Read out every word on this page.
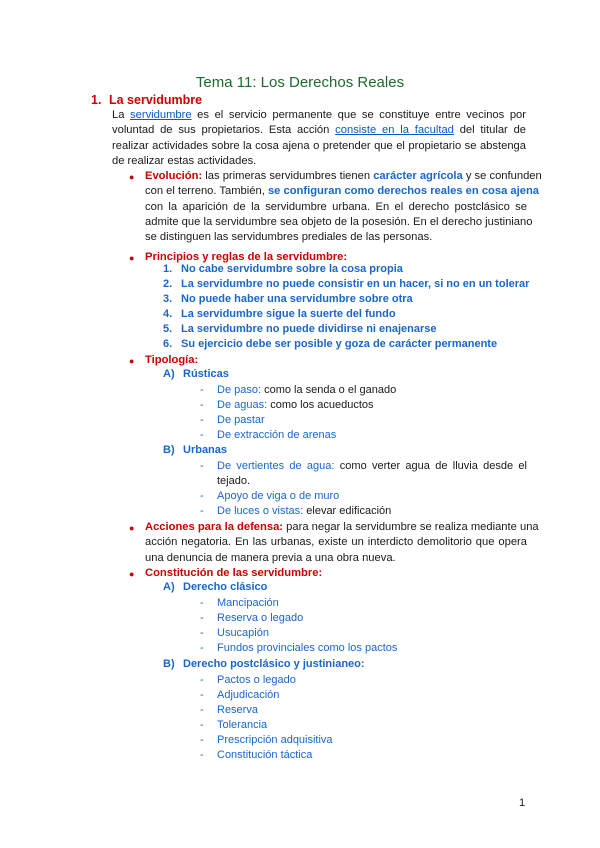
Tema 11: Los Derechos Reales
1. La servidumbre
La servidumbre es el servicio permanente que se constituye entre vecinos por
voluntad de sus propietarios. Esta acción consiste en la facultad del titular de
realizar actividades sobre la cosa ajena o pretender que el propietario se abstenga
de realizar estas actividades.
● Evolución: las primeras servidumbres tienen carácter agrícola y se confunden
con el terreno. También, se configuran como derechos reales en cosa ajena
con la aparición de la servidumbre urbana. En el derecho postclásico se
admite que la servidumbre sea objeto de la posesión. En el derecho justiniano
se distinguen las servidumbres prediales de las personas.
● Principios y reglas de la servidumbre:
1. No cabe servidumbre sobre la cosa propia
2. La servidumbre no puede consistir en un hacer, si no en un tolerar
3. No puede haber una servidumbre sobre otra
4. La servidumbre sigue la suerte del fundo
5. La servidumbre no puede dividirse ni enajenarse
6. Su ejercicio debe ser posible y goza de carácter permanente
● Tipología:
A) Rústicas
- De paso: como la senda o el ganado
- De aguas: como los acueductos
- De pastar
- De extracción de arenas
B) Urbanas
- De vertientes de agua: como verter agua de lluvia desde el
tejado.
- Apoyo de viga o de muro
- De luces o vistas: elevar edificación
● Acciones para la defensa: para negar la servidumbre se realiza mediante una
acción negatoria. En las urbanas, existe un interdicto demolitorio que opera
una denuncia de manera previa a una obra nueva.
● Constitución de las servidumbre:
A) Derecho clásico
- Mancipación
- Reserva o legado
- Usucapión
- Fundos provinciales como los pactos
B) Derecho postclásico y justinianeo:
- Pactos o legado
- Adjudicación
- Reserva
- Tolerancia
- Prescripción adquisitiva
- Constitución táctica
1
